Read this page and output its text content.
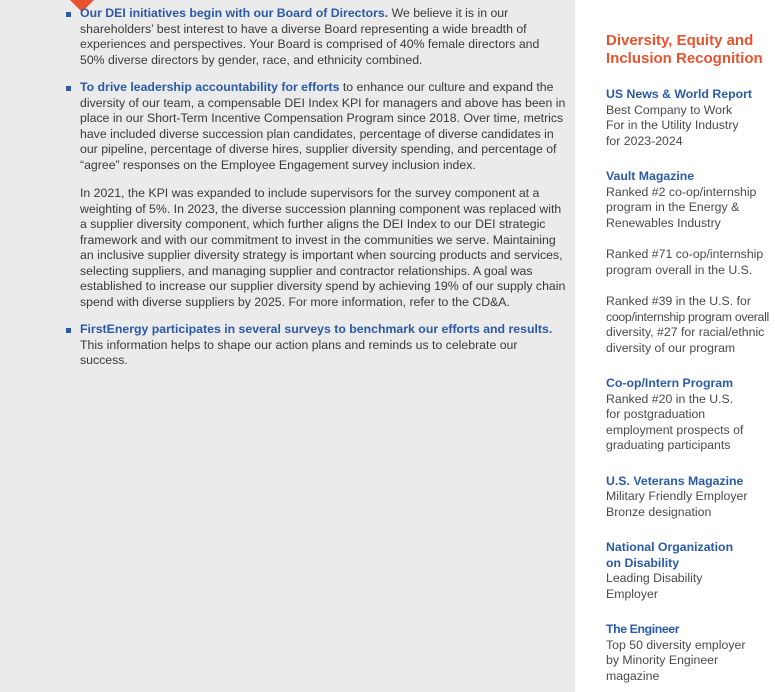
Our DEI initiatives begin with our Board of Directors. We believe it is in our shareholders’ best interest to have a diverse Board representing a wide breadth of experiences and perspectives. Your Board is comprised of 40% female directors and 50% diverse directors by gender, race, and ethnicity combined.
To drive leadership accountability for efforts to enhance our culture and expand the diversity of our team, a compensable DEI Index KPI for managers and above has been in place in our Short-Term Incentive Compensation Program since 2018. Over time, metrics have included diverse succession plan candidates, percentage of diverse candidates in our pipeline, percentage of diverse hires, supplier diversity spending, and percentage of “agree” responses on the Employee Engagement survey inclusion index.
In 2021, the KPI was expanded to include supervisors for the survey component at a weighting of 5%. In 2023, the diverse succession planning component was replaced with a supplier diversity component, which further aligns the DEI Index to our DEI strategic framework and with our commitment to invest in the communities we serve. Maintaining an inclusive supplier diversity strategy is important when sourcing products and services, selecting suppliers, and managing supplier and contractor relationships. A goal was established to increase our supplier diversity spend by achieving 19% of our supply chain spend with diverse suppliers by 2025. For more information, refer to the CD&A.
FirstEnergy participates in several surveys to benchmark our efforts and results. This information helps to shape our action plans and reminds us to celebrate our success.
Diversity, Equity and Inclusion Recognition
US News & World Report
Best Company to Work
For in the Utility Industry
for 2023-2024
Vault Magazine
Ranked #2 co-op/internship
program in the Energy &
Renewables Industry
Ranked #71 co-op/internship
program overall in the U.S.
Ranked #39 in the U.S. for
coop/internship program overall
diversity, #27 for racial/ethnic
diversity of our program
Co-op/Intern Program
Ranked #20 in the U.S.
for postgraduation
employment prospects of
graduating participants
U.S. Veterans Magazine
Military Friendly Employer
Bronze designation
National Organization
on Disability
Leading Disability
Employer
The Engineer
Top 50 diversity employer
by Minority Engineer
magazine
